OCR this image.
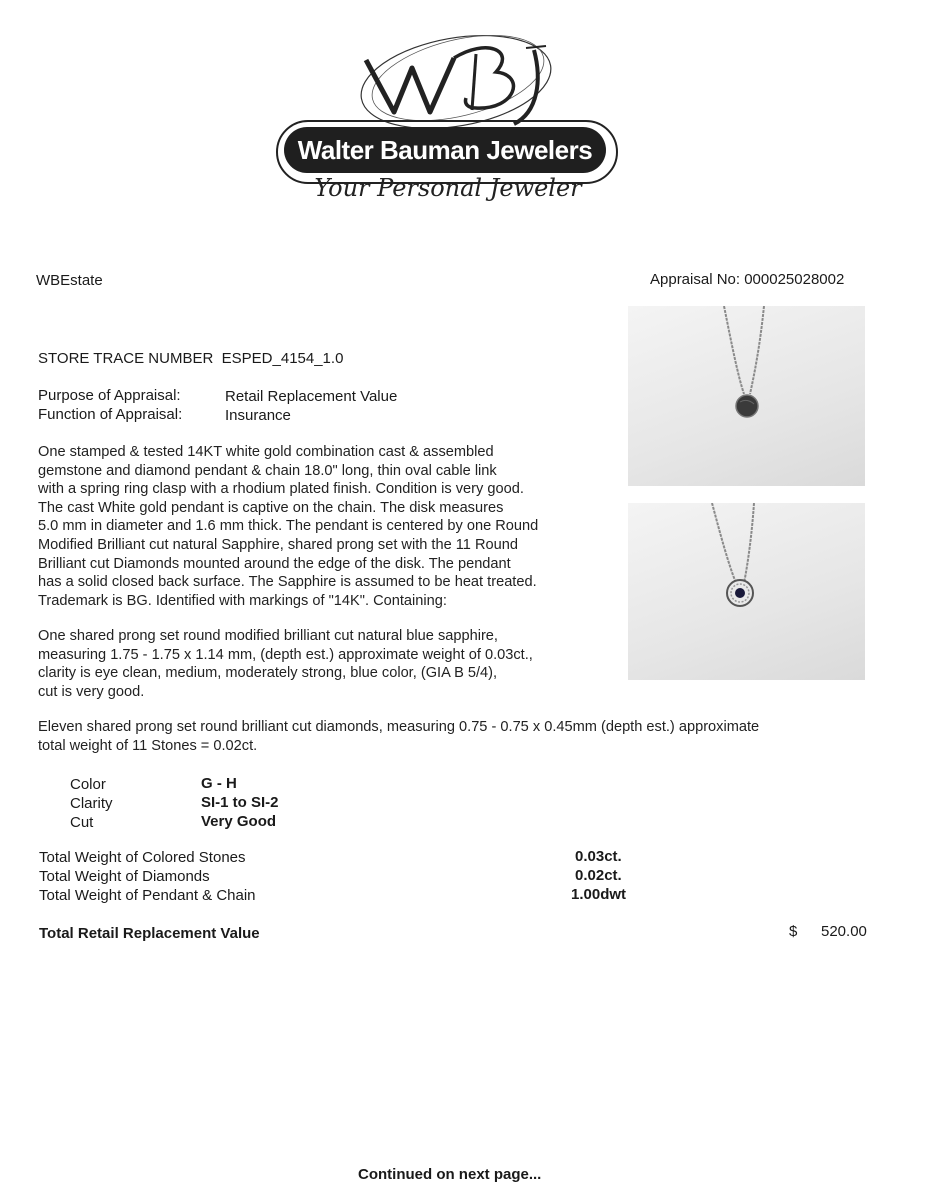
Walter Bauman Jewelers
Your Personal Jeweler
WBEstate	Appraisal No: 000025028002
STORE TRACE NUMBER ESPED_4154_1.0
Purpose of Appraisal:	Retail Replacement Value
Function of Appraisal:	Insurance
One stamped & tested 14KT white gold combination cast & assembled
gemstone and diamond pendant & chain 18.0" long, thin oval cable link
with a spring ring clasp with a rhodium plated finish. Condition is very good.
The cast White gold pendant is captive on the chain. The disk measures
5.0 mm in diameter and 1.6 mm thick. The pendant is centered by one Round
Modified Brilliant cut natural Sapphire, shared prong set with the 11 Round
Brilliant cut Diamonds mounted around the edge of the disk. The pendant
has a solid closed back surface. The Sapphire is assumed to be heat treated.
Trademark is BG. Identified with markings of "14K". Containing:
One shared prong set round modified brilliant cut natural blue sapphire,
measuring 1.75 - 1.75 x 1.14 mm, (depth est.) approximate weight of 0.03ct.,
clarity is eye clean, medium, moderately strong, blue color, (GIA B 5/4),
cut is very good.
Eleven shared prong set round brilliant cut diamonds, measuring 0.75 - 0.75 x 0.45mm (depth est.) approximate
total weight of 11 Stones = 0.02ct.
Color	G - H
Clarity	SI-1 to SI-2
Cut	Very Good
Total Weight of Colored Stones	0.03ct.
Total Weight of Diamonds	0.02ct.
Total Weight of Pendant & Chain	1.00dwt
Total Retail Replacement Value	$ 520.00
Continued on next page...
